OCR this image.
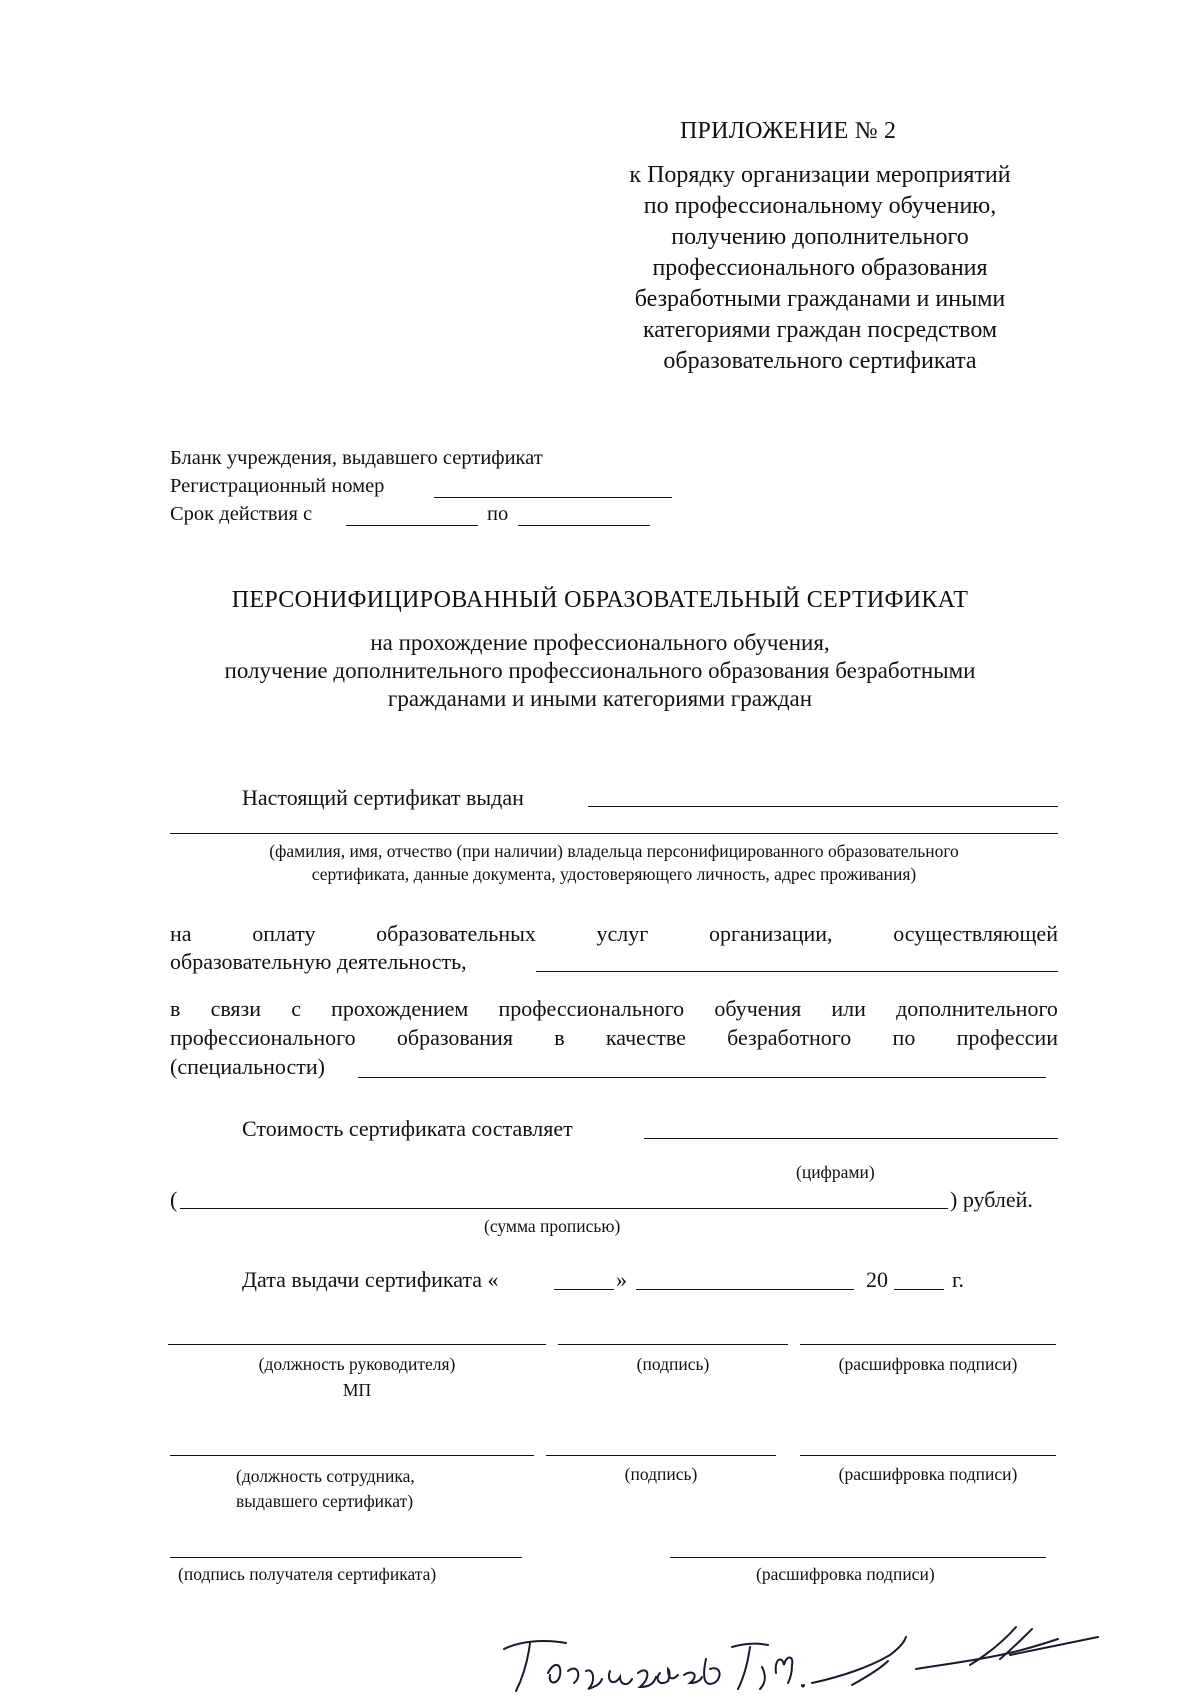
ПРИЛОЖЕНИЕ № 2
к Порядку организации мероприятий
по профессиональному обучению,
получению дополнительного
профессионального образования
безработными гражданами и иными
категориями граждан посредством
образовательного сертификата
Бланк учреждения, выдавшего сертификат
Регистрационный номер
Срок действия с	по
ПЕРСОНИФИЦИРОВАННЫЙ ОБРАЗОВАТЕЛЬНЫЙ СЕРТИФИКАТ
на прохождение профессионального обучения,
получение дополнительного профессионального образования безработными
гражданами и иными категориями граждан
Настоящий сертификат выдан
(фамилия, имя, отчество (при наличии) владельца персонифицированного образовательного
сертификата, данные документа, удостоверяющего личность, адрес проживания)
на	оплату	образовательных	услуг	организации,	осуществляющей
образовательную деятельность,
в связи с прохождением профессионального обучения или дополнительного
профессионального образования в качестве безработного по профессии
(специальности)
Стоимость сертификата составляет
(цифрами)
(	) рублей.
(сумма прописью)
Дата выдачи сертификата «	»	20	г.
(должность руководителя)	(подпись)	(расшифровка подписи)
МП
(должность сотрудника,
выдавшего сертификат)
(подпись)	(расшифровка подписи)
(подпись получателя сертификата)	(расшифровка подписи)
